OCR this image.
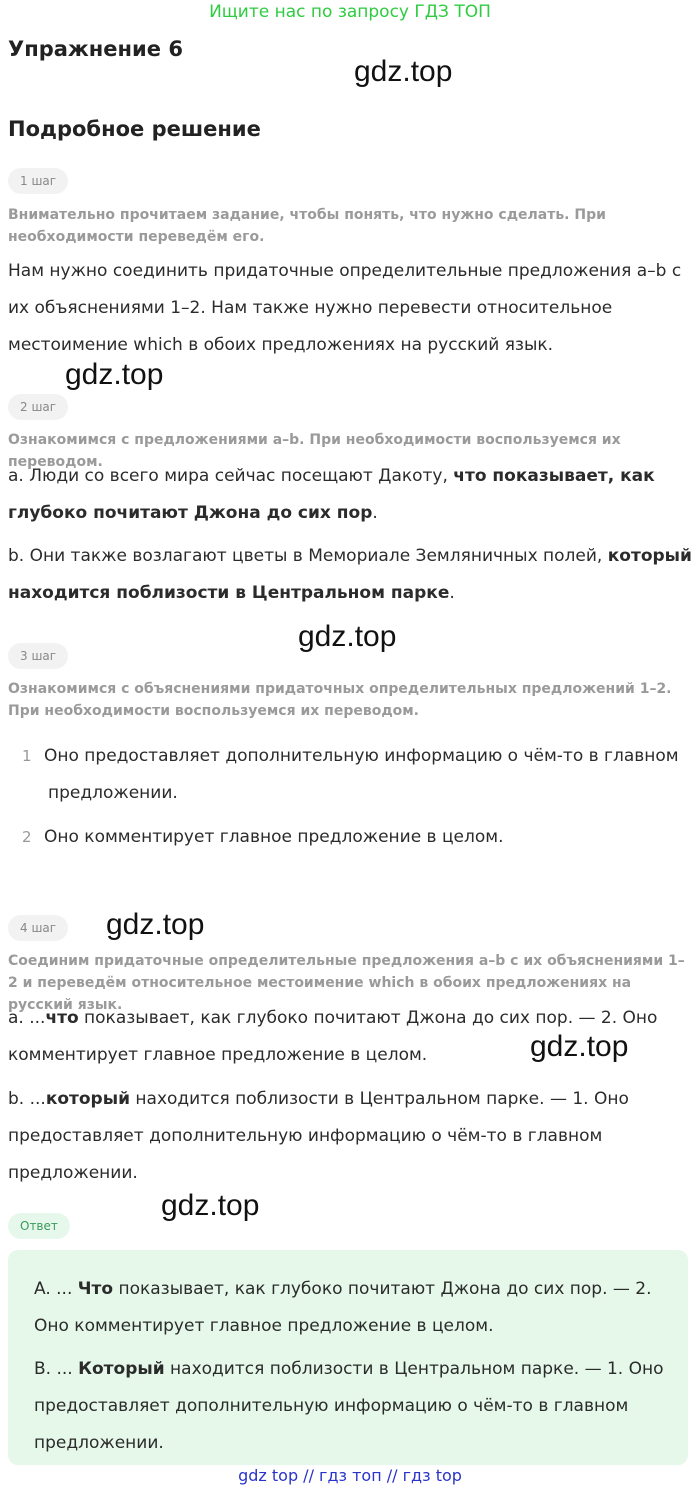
Ищите нас по запросу ГДЗ ТОП
Упражнение 6
gdz.top
Подробное решение
1 шаг
Внимательно прочитаем задание, чтобы понять, что нужно сделать. При необходимости переведём его.
Нам нужно соединить придаточные определительные предложения a–b с их объяснениями 1–2. Нам также нужно перевести относительное местоимение which в обоих предложениях на русский язык.
gdz.top
2 шаг
Ознакомимся с предложениями a–b. При необходимости воспользуемся их переводом.
a. Люди со всего мира сейчас посещают Дакоту, что показывает, как глубоко почитают Джона до сих пор.
b. Они также возлагают цветы в Мемориале Земляничных полей, который находится поблизости в Центральном парке.
gdz.top
3 шаг
Ознакомимся с объяснениями придаточных определительных предложений 1–2. При необходимости воспользуемся их переводом.
1 Оно предоставляет дополнительную информацию о чём-то в главном
предложении.
2 Оно комментирует главное предложение в целом.
4 шаг	gdz.top
Соединим придаточные определительные предложения a–b с их объяснениями 1–2 и переведём относительное местоимение which в обоих предложениях на русский язык.
a. ...что показывает, как глубоко почитают Джона до сих пор. — 2. Оно комментирует главное предложение в целом.	gdz.top
b. ...который находится поблизости в Центральном парке. — 1. Оно предоставляет дополнительную информацию о чём-то в главном предложении.
gdz.top
Ответ
A. ... Что показывает, как глубоко почитают Джона до сих пор. — 2. Оно комментирует главное предложение в целом.
B. ... Который находится поблизости в Центральном парке. — 1. Оно предоставляет дополнительную информацию о чём-то в главном предложении.
gdz top // гдз топ // гдз top
